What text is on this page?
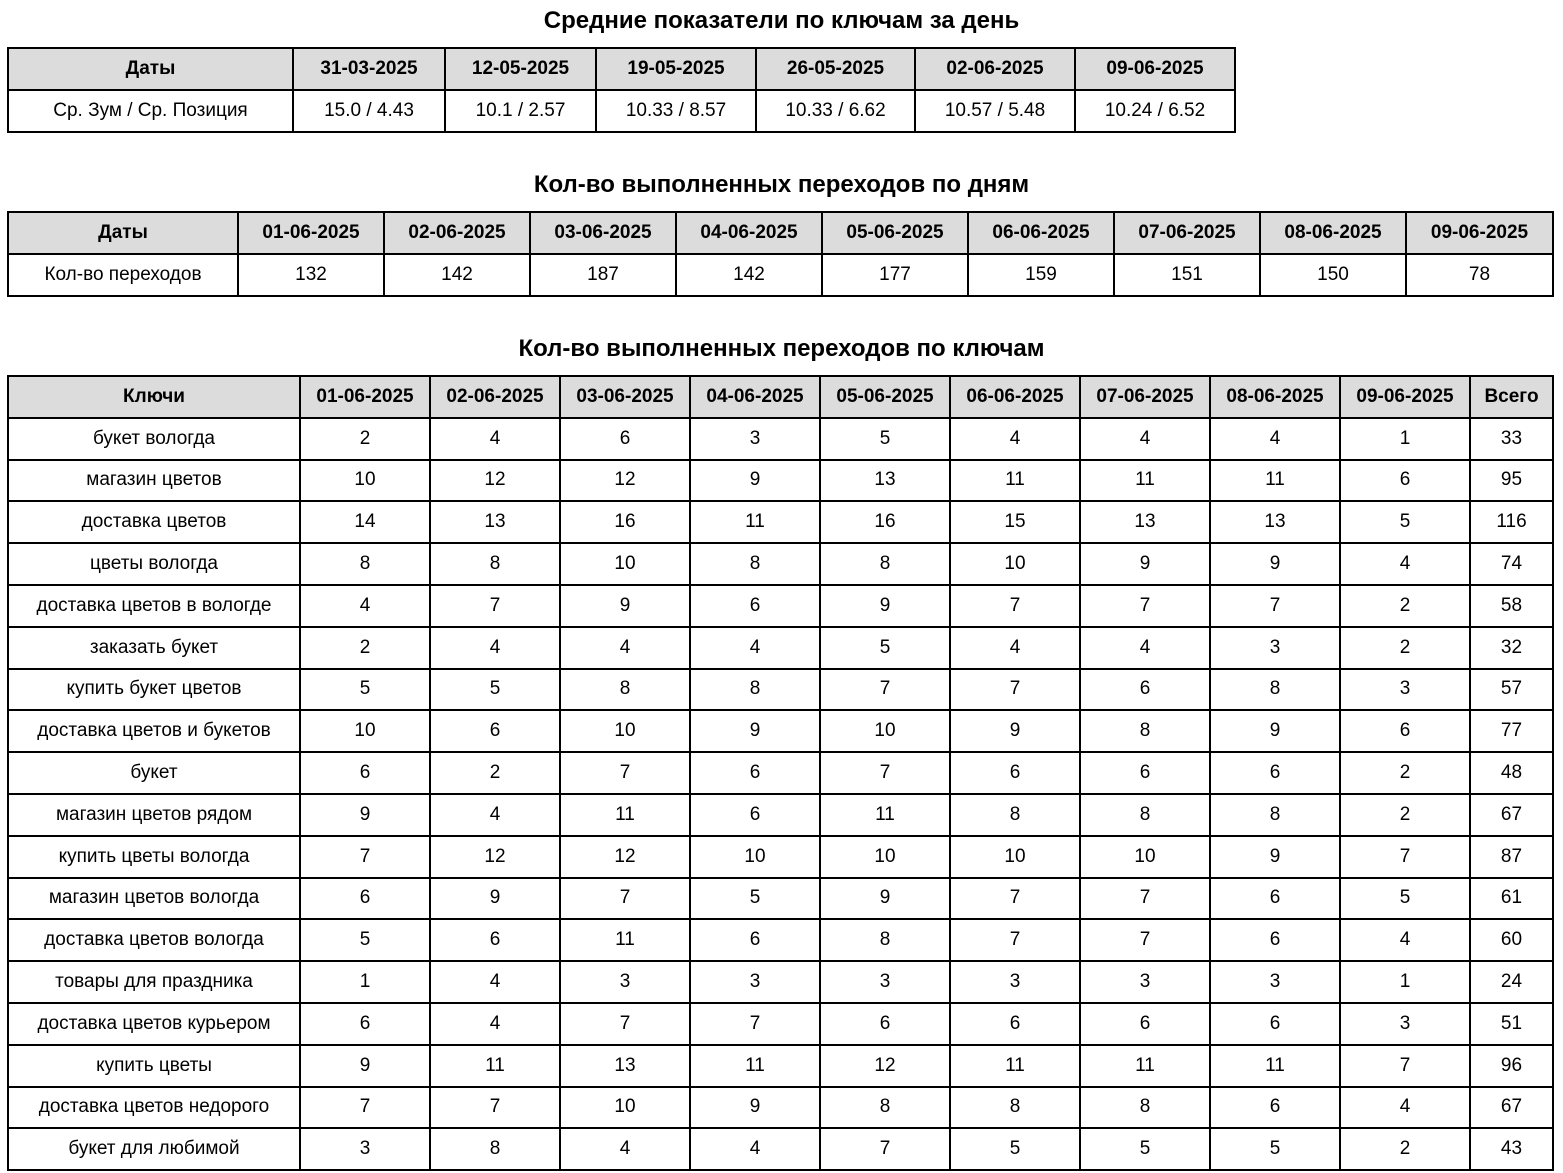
Средние показатели по ключам за день
Даты	31-03-2025	12-05-2025	19-05-2025	26-05-2025	02-06-2025	09-06-2025
Ср. Зум / Ср. Позиция	15.0 / 4.43	10.1 / 2.57	10.33 / 8.57	10.33 / 6.62	10.57 / 5.48	10.24 / 6.52
Кол-во выполненных переходов по дням
Даты	01-06-2025	02-06-2025	03-06-2025	04-06-2025	05-06-2025	06-06-2025	07-06-2025	08-06-2025	09-06-2025
Кол-во переходов	132	142	187	142	177	159	151	150	78
Кол-во выполненных переходов по ключам
Ключи	01-06-2025	02-06-2025	03-06-2025	04-06-2025	05-06-2025	06-06-2025	07-06-2025	08-06-2025	09-06-2025	Всего
букет вологда	2	4	6	3	5	4	4	4	1	33
магазин цветов	10	12	12	9	13	11	11	11	6	95
доставка цветов	14	13	16	11	16	15	13	13	5	116
цветы вологда	8	8	10	8	8	10	9	9	4	74
доставка цветов в вологде	4	7	9	6	9	7	7	7	2	58
заказать букет	2	4	4	4	5	4	4	3	2	32
купить букет цветов	5	5	8	8	7	7	6	8	3	57
доставка цветов и букетов	10	6	10	9	10	9	8	9	6	77
букет	6	2	7	6	7	6	6	6	2	48
магазин цветов рядом	9	4	11	6	11	8	8	8	2	67
купить цветы вологда	7	12	12	10	10	10	10	9	7	87
магазин цветов вологда	6	9	7	5	9	7	7	6	5	61
доставка цветов вологда	5	6	11	6	8	7	7	6	4	60
товары для праздника	1	4	3	3	3	3	3	3	1	24
доставка цветов курьером	6	4	7	7	6	6	6	6	3	51
купить цветы	9	11	13	11	12	11	11	11	7	96
доставка цветов недорого	7	7	10	9	8	8	8	6	4	67
букет для любимой	3	8	4	4	7	5	5	5	2	43
